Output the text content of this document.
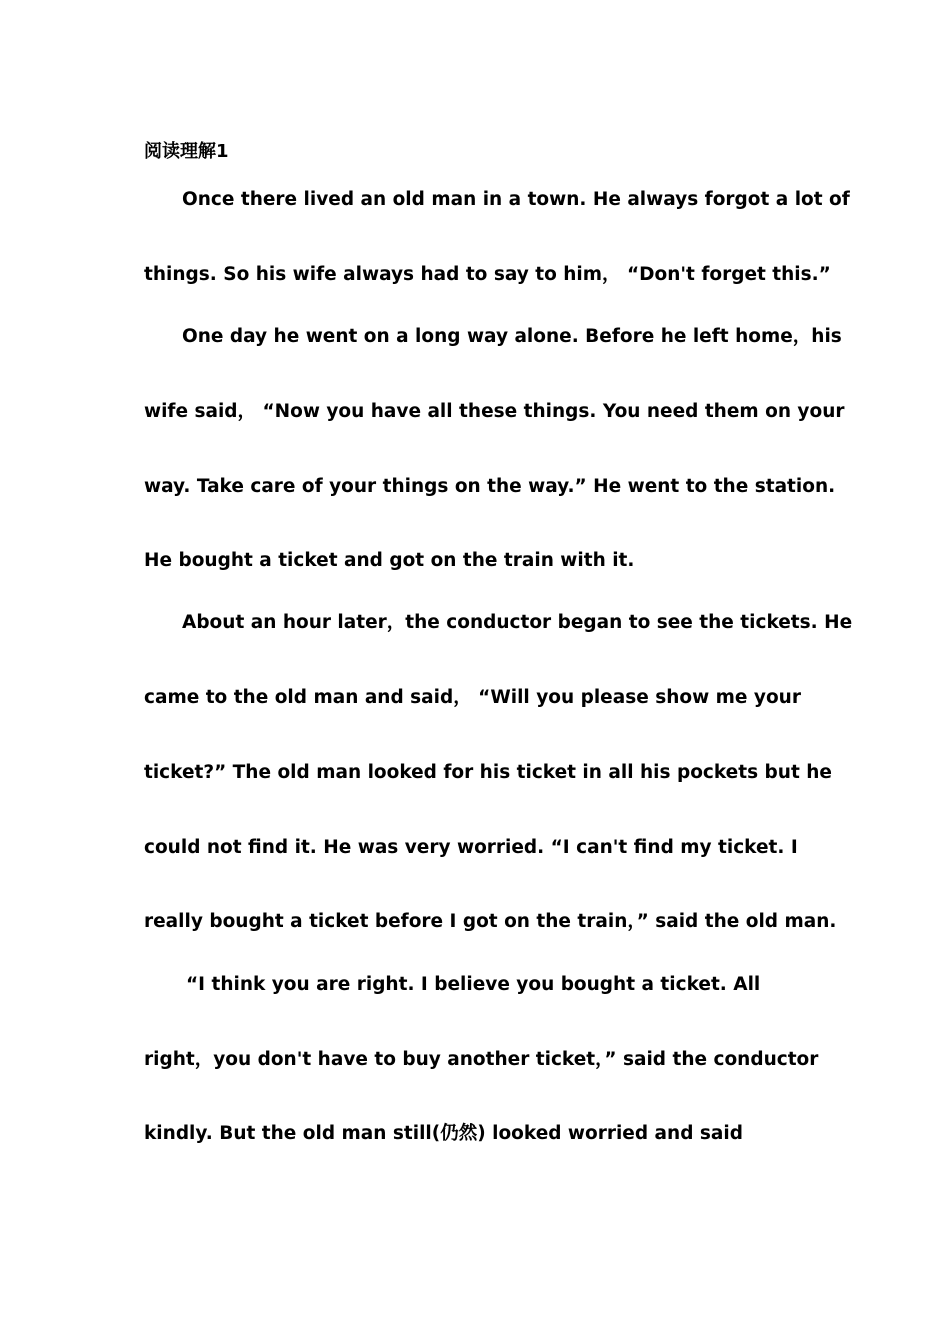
阅读理解1
Once there lived an old man in a town. He always forgot a lot of
things. So his wife always had to say to him， “Don't forget this.”
One day he went on a long way alone. Before he left home，his
wife said， “Now you have all these things. You need them on your
way. Take care of your things on the way.” He went to the station.
He bought a ticket and got on the train with it.
About an hour later，the conductor began to see the tickets. He
came to the old man and said， “Will you please show me your
ticket?” The old man looked for his ticket in all his pockets but he
could not find it. He was very worried. “I can't find my ticket. I
really bought a ticket before I got on the train，” said the old man.
“I think you are right. I believe you bought a ticket. All
right，you don't have to buy another ticket，” said the conductor
kindly. But the old man still(仍然) looked worried and said
